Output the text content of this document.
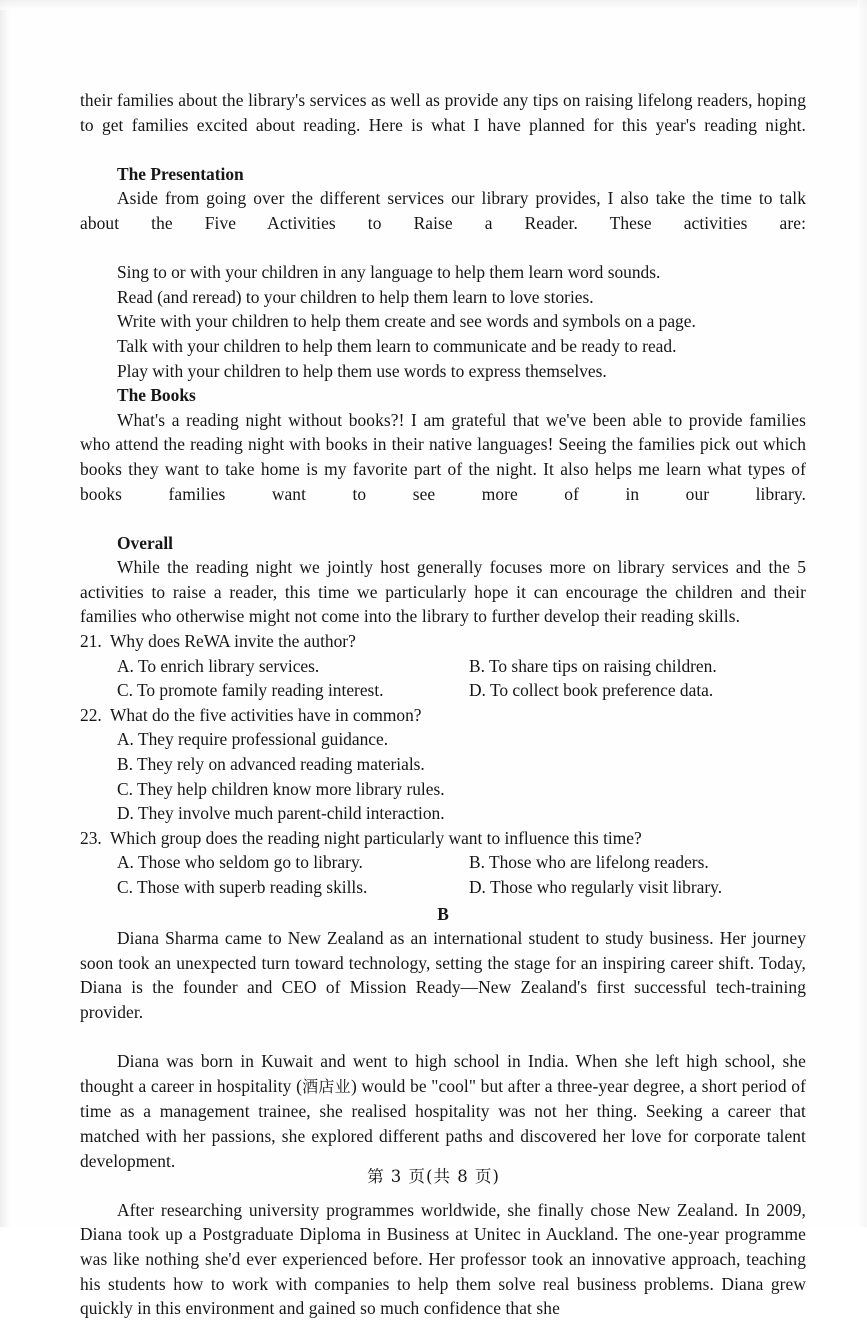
their families about the library's services as well as provide any tips on raising lifelong readers, hoping to get families excited about reading. Here is what I have planned for this year's reading night.

The Presentation

Aside from going over the different services our library provides, I also take the time to talk about the Five Activities to Raise a Reader. These activities are:

Sing to or with your children in any language to help them learn word sounds.
Read (and reread) to your children to help them learn to love stories.
Write with your children to help them create and see words and symbols on a page.
Talk with your children to help them learn to communicate and be ready to read.
Play with your children to help them use words to express themselves.
The Books

What's a reading night without books?! I am grateful that we've been able to provide families who attend the reading night with books in their native languages! Seeing the families pick out which books they want to take home is my favorite part of the night. It also helps me learn what types of books families want to see more of in our library.

Overall

While the reading night we jointly host generally focuses more on library services and the 5 activities to raise a reader, this time we particularly hope it can encourage the children and their families who otherwise might not come into the library to further develop their reading skills.

21. Why does ReWA invite the author?
A. To enrich library services.	B. To share tips on raising children.
C. To promote family reading interest.	D. To collect book preference data.
22. What do the five activities have in common?
A. They require professional guidance.
B. They rely on advanced reading materials.
C. They help children know more library rules.
D. They involve much parent-child interaction.
23. Which group does the reading night particularly want to influence this time?
A. Those who seldom go to library.	B. Those who are lifelong readers.
C. Those with superb reading skills.	D. Those who regularly visit library.
B

Diana Sharma came to New Zealand as an international student to study business. Her journey soon took an unexpected turn toward technology, setting the stage for an inspiring career shift. Today, Diana is the founder and CEO of Mission Ready—New Zealand's first successful tech-training provider.

Diana was born in Kuwait and went to high school in India. When she left high school, she thought a career in hospitality (酒店业) would be "cool" but after a three-year degree, a short period of time as a management trainee, she realised hospitality was not her thing. Seeking a career that matched with her passions, she explored different paths and discovered her love for corporate talent development.

After researching university programmes worldwide, she finally chose New Zealand. In 2009, Diana took up a Postgraduate Diploma in Business at Unitec in Auckland. The one-year programme was like nothing she'd ever experienced before. Her professor took an innovative approach, teaching his students how to work with companies to help them solve real business problems. Diana grew quickly in this environment and gained so much confidence that she

第 3 页(共 8 页)
